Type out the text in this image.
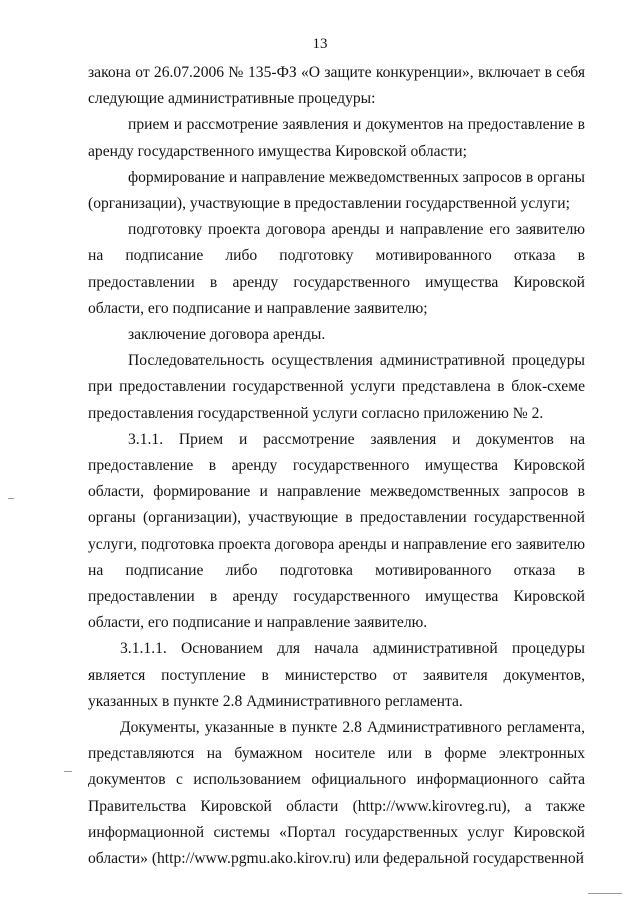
13

закона от 26.07.2006 № 135-ФЗ «О защите конкуренции», включает в себя следующие административные процедуры:

прием и рассмотрение заявления и документов на предоставление в аренду государственного имущества Кировской области;

формирование и направление межведомственных запросов в органы (организации), участвующие в предоставлении государственной услуги;

подготовку проекта договора аренды и направление его заявителю на подписание либо подготовку мотивированного отказа в предоставлении в аренду государственного имущества Кировской области, его подписание и направление заявителю;

заключение договора аренды.

Последовательность осуществления административной процедуры при предоставлении государственной услуги представлена в блок-схеме предоставления государственной услуги согласно приложению № 2.

3.1.1. Прием и рассмотрение заявления и документов на предоставление в аренду государственного имущества Кировской области, формирование и направление межведомственных запросов в органы (организации), участвующие в предоставлении государственной услуги, подготовка проекта договора аренды и направление его заявителю на подписание либо подготовка мотивированного отказа в предоставлении в аренду государственного имущества Кировской области, его подписание и направление заявителю.

3.1.1.1. Основанием для начала административной процедуры является поступление в министерство от заявителя документов, указанных в пункте 2.8 Административного регламента.

Документы, указанные в пункте 2.8 Административного регламента, представляются на бумажном носителе или в форме электронных документов с использованием официального информационного сайта Правительства Кировской области (http://www.kirovreg.ru), а также информационной системы «Портал государственных услуг Кировской области» (http://www.pgmu.ako.kirov.ru) или федеральной государственной
